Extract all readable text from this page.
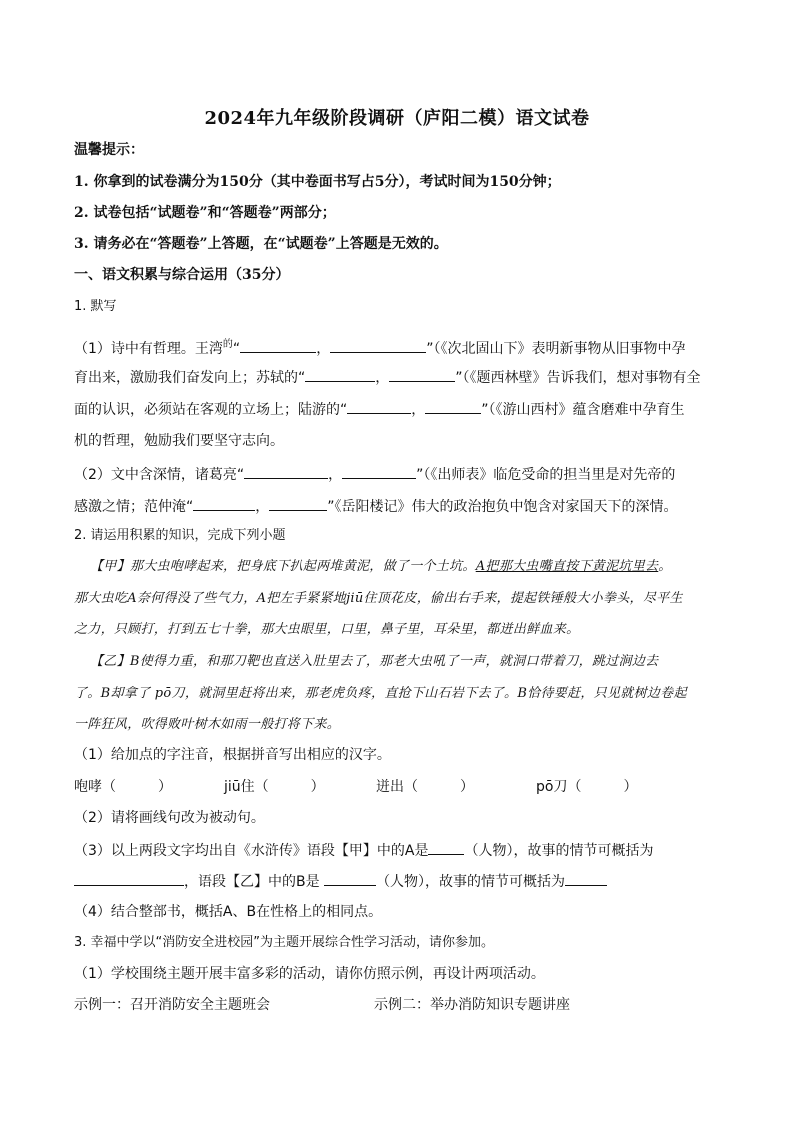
2024年九年级阶段调研（庐阳二模）语文试卷
温馨提示：
1. 你拿到的试卷满分为150分（其中卷面书写占5分），考试时间为150分钟；
2. 试卷包括“试题卷”和“答题卷”两部分；
3. 请务必在“答题卷”上答题，在“试题卷”上答题是无效的。
一、语文积累与综合运用（35分）
1. 默写
（1）诗中有哲理。王湾$^的$“	，	”（《次北固山下》表明新事物从旧事物中孕
育出来，激励我们奋发向上；苏轼的“	，	”（《题西林壁》告诉我们，想对事物有全
面的认识，必须站在客观的立场上；陆游的“	，	”（《游山西村》蕴含磨难中孕育生
机的哲理，勉励我们要坚守志向。
（2）文中含深情，诸葛亮“	，	”（《出师表》临危受命的担当里是对先帝的
感激之情；范仲淹“	，	”《岳阳楼记》伟大的政治抱负中饱含对家国天下的深情。
2. 请运用积累的知识，完成下列小题
【甲】那大虫咆哮起来，把身底下扒起两堆黄泥，做了一个土坑。A把那大虫嘴直按下黄泥坑里去。
那大虫吃A奈何得没了些气力，A把左手紧紧地jiū住顶花皮，偷出右手来，提起铁锤般大小拳头，尽平生
之力，只顾打，打到五七十拳，那大虫眼里，口里，鼻子里，耳朵里，都迸出鲜血来。
【乙】B使得力重，和那刀靶也直送入肚里去了，那老大虫吼了一声，就洞口带着刀，跳过涧边去
了。B却拿了 pō刀，就洞里赶将出来，那老虎负疼，直抢下山石岩下去了。B恰待要赶，只见就树边卷起
一阵狂风，吹得败叶树木如雨一般打将下来。
（1）给加点的字注音，根据拼音写出相应的汉字。
咆哮（　　　）	jiū住（　　　）	迸出（　　　）	pō刀（　　　）
（2）请将画线句改为被动句。
（3）以上两段文字均出自《水浒传》语段【甲】中的A是	（人物），故事的情节可概括为
，语段【乙】中的B是	（人物），故事的情节可概括为
（4）结合整部书，概括A、B在性格上的相同点。
3. 幸福中学以“消防安全进校园”为主题开展综合性学习活动，请你参加。
（1）学校围绕主题开展丰富多彩的活动，请你仿照示例，再设计两项活动。
示例一：召开消防安全主题班会	示例二：举办消防知识专题讲座
